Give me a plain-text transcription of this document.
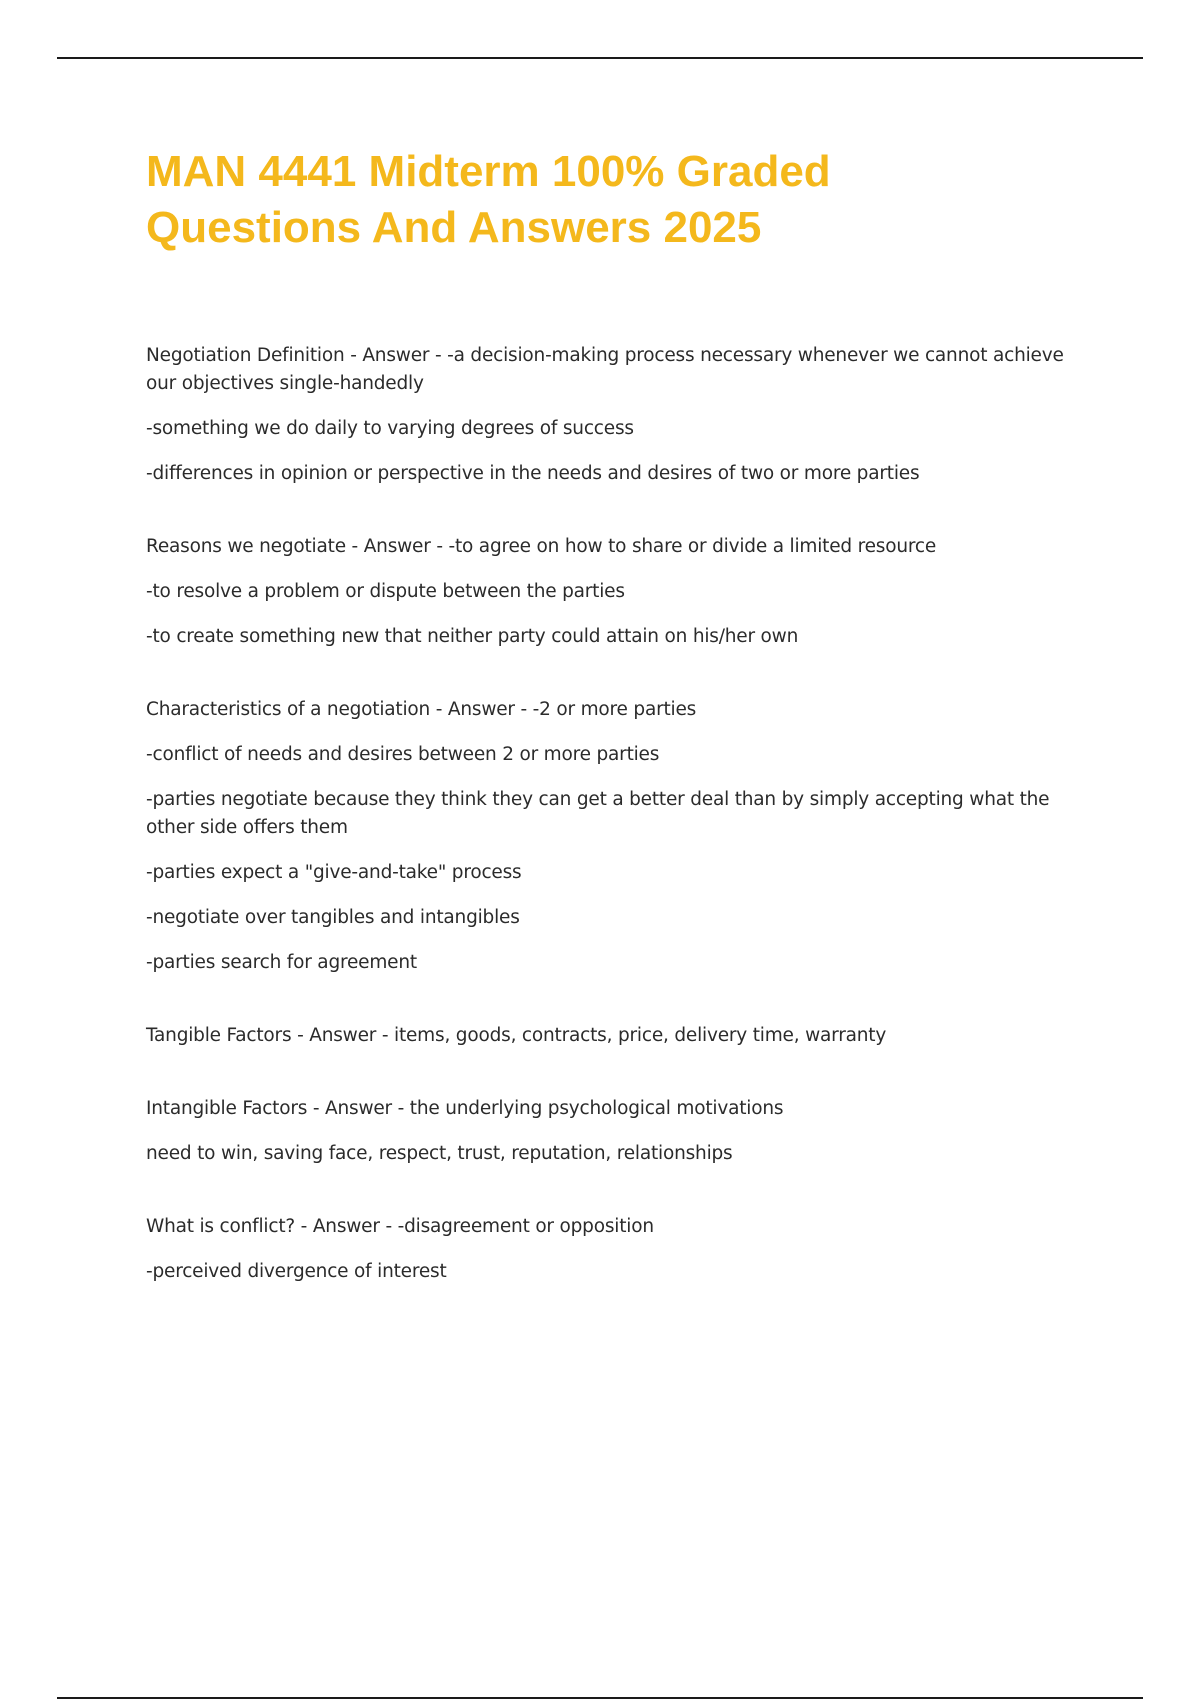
MAN 4441 Midterm 100% Graded
Questions And Answers 2025

Negotiation Definition - Answer - -a decision-making process necessary whenever we cannot achieve our objectives single-handedly

-something we do daily to varying degrees of success

-differences in opinion or perspective in the needs and desires of two or more parties

Reasons we negotiate - Answer - -to agree on how to share or divide a limited resource

-to resolve a problem or dispute between the parties

-to create something new that neither party could attain on his/her own

Characteristics of a negotiation - Answer - -2 or more parties

-conflict of needs and desires between 2 or more parties

-parties negotiate because they think they can get a better deal than by simply accepting what the other side offers them

-parties expect a "give-and-take" process

-negotiate over tangibles and intangibles

-parties search for agreement

Tangible Factors - Answer - items, goods, contracts, price, delivery time, warranty

Intangible Factors - Answer - the underlying psychological motivations

need to win, saving face, respect, trust, reputation, relationships

What is conflict? - Answer - -disagreement or opposition

-perceived divergence of interest
